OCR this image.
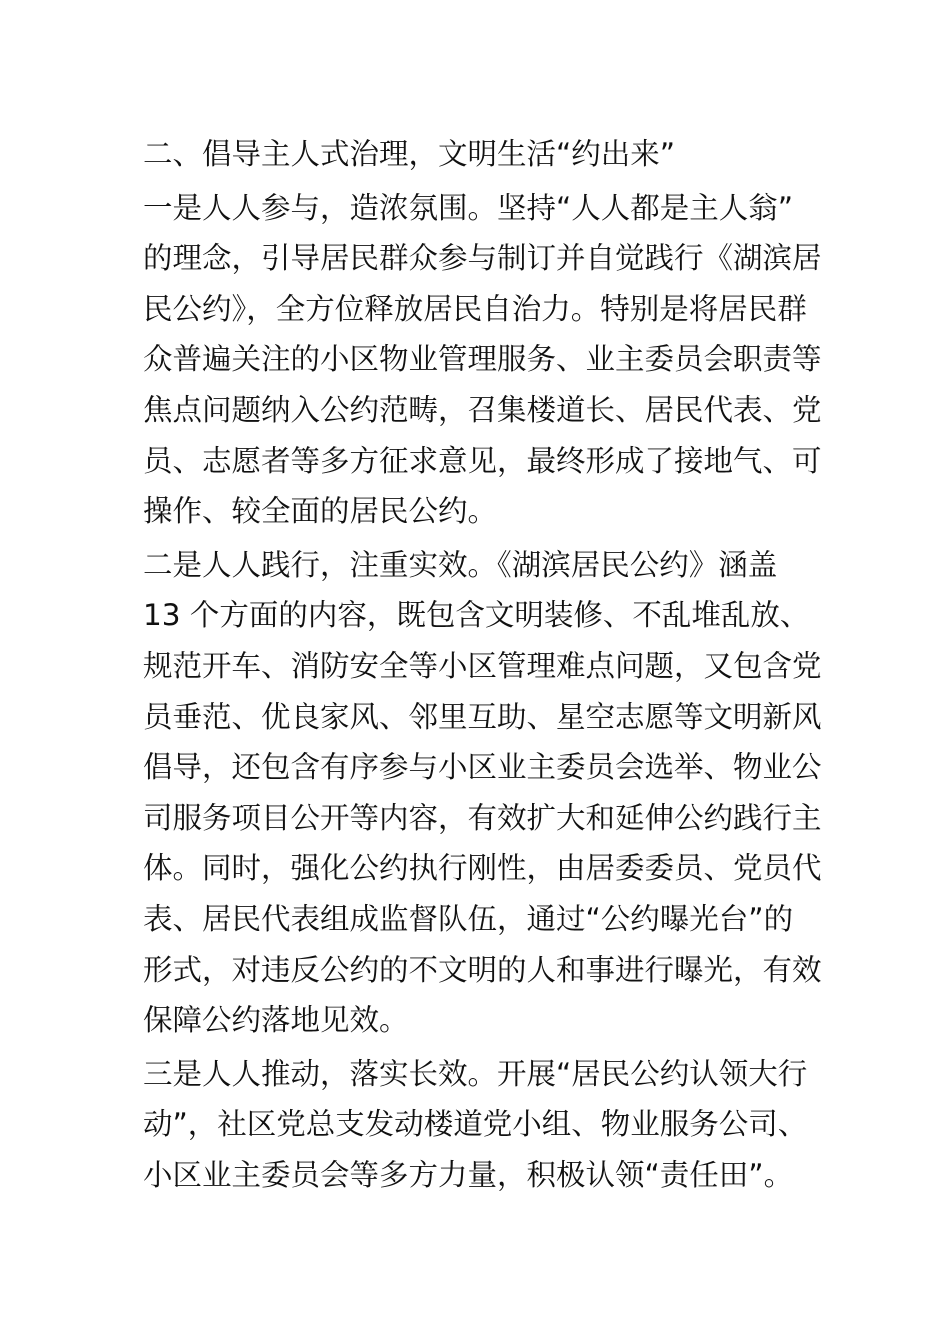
二、倡导主人式治理，文明生活“约出来”

一是人人参与，造浓氛围。坚持“人人都是主人翁”
的理念，引导居民群众参与制订并自觉践行《湖滨居
民公约》，全方位释放居民自治力。特别是将居民群
众普遍关注的小区物业管理服务、业主委员会职责等
焦点问题纳入公约范畴，召集楼道长、居民代表、党
员、志愿者等多方征求意见，最终形成了接地气、可
操作、较全面的居民公约。

二是人人践行，注重实效。《湖滨居民公约》涵盖
13 个方面的内容，既包含文明装修、不乱堆乱放、
规范开车、消防安全等小区管理难点问题，又包含党
员垂范、优良家风、邻里互助、星空志愿等文明新风
倡导，还包含有序参与小区业主委员会选举、物业公
司服务项目公开等内容，有效扩大和延伸公约践行主
体。同时，强化公约执行刚性，由居委委员、党员代
表、居民代表组成监督队伍，通过“公约曝光台”的
形式，对违反公约的不文明的人和事进行曝光，有效
保障公约落地见效。

三是人人推动，落实长效。开展“居民公约认领大行
动”，社区党总支发动楼道党小组、物业服务公司、
小区业主委员会等多方力量，积极认领“责任田”。
